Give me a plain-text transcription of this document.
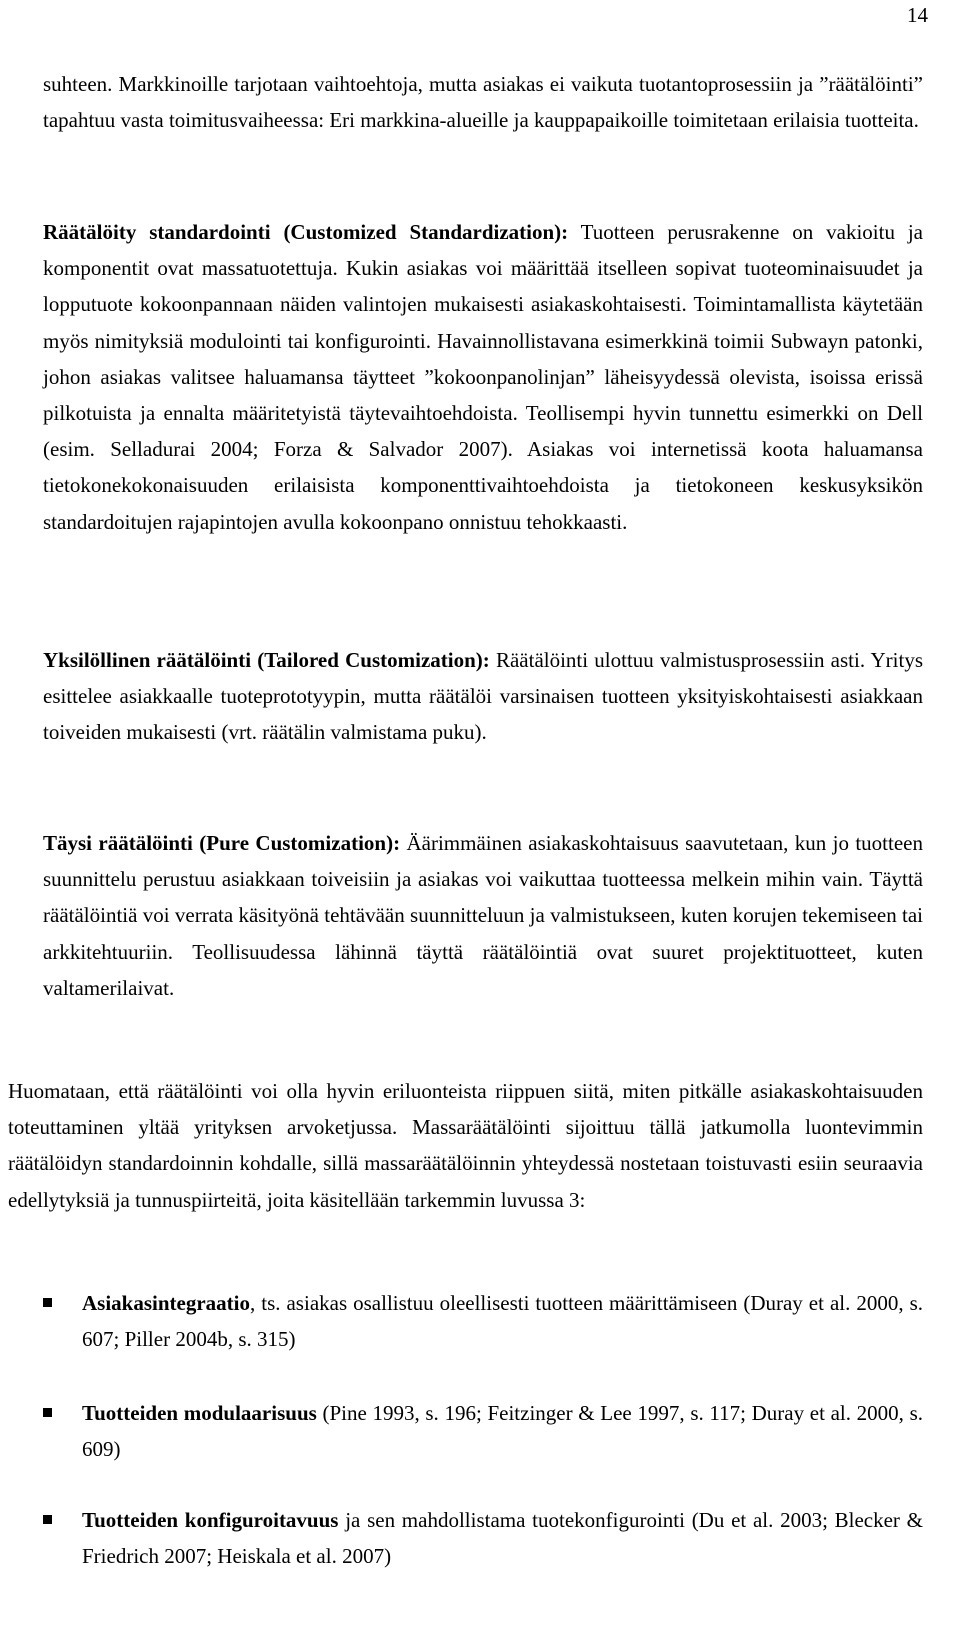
14

suhteen. Markkinoille tarjotaan vaihtoehtoja, mutta asiakas ei vaikuta tuotantoprosessiin ja ”räätälöinti” tapahtuu vasta toimitusvaiheessa: Eri markkina-alueille ja kauppapaikoille toimitetaan erilaisia tuotteita.

Räätälöity standardointi (Customized Standardization): Tuotteen perusrakenne on vakioitu ja komponentit ovat massatuotettuja. Kukin asiakas voi määrittää itselleen sopivat tuoteominaisuudet ja lopputuote kokoonpannaan näiden valintojen mukaisesti asiakaskohtaisesti. Toimintamallista käytetään myös nimityksiä modulointi tai konfigurointi. Havainnollistavana esimerkkinä toimii Subwayn patonki, johon asiakas valitsee haluamansa täytteet ”kokoonpanolinjan” läheisyydessä olevista, isoissa erissä pilkotuista ja ennalta määritetyistä täytevaihtoehdoista. Teollisempi hyvin tunnettu esimerkki on Dell (esim. Selladurai 2004; Forza & Salvador 2007). Asiakas voi internetissä koota haluamansa tietokonekokonaisuuden erilaisista komponenttivaihtoehdoista ja tietokoneen keskusyksikön standardoitujen rajapintojen avulla kokoonpano onnistuu tehokkaasti.

Yksilöllinen räätälöinti (Tailored Customization): Räätälöinti ulottuu valmistusprosessiin asti. Yritys esittelee asiakkaalle tuoteprototyypin, mutta räätälöi varsinaisen tuotteen yksityiskohtaisesti asiakkaan toiveiden mukaisesti (vrt. räätälin valmistama puku).

Täysi räätälöinti (Pure Customization): Äärimmäinen asiakaskohtaisuus saavutetaan, kun jo tuotteen suunnittelu perustuu asiakkaan toiveisiin ja asiakas voi vaikuttaa tuotteessa melkein mihin vain. Täyttä räätälöintiä voi verrata käsityönä tehtävään suunnitteluun ja valmistukseen, kuten korujen tekemiseen tai arkkitehtuuriin. Teollisuudessa lähinnä täyttä räätälöintiä ovat suuret projektituotteet, kuten valtamerilaivat.

Huomataan, että räätälöinti voi olla hyvin eriluonteista riippuen siitä, miten pitkälle asiakaskohtaisuuden toteuttaminen yltää yrityksen arvoketjussa. Massaräätälöinti sijoittuu tällä jatkumolla luontevimmin räätälöidyn standardoinnin kohdalle, sillä massaräätälöinnin yhteydessä nostetaan toistuvasti esiin seuraavia edellytyksiä ja tunnuspiirteitä, joita käsitellään tarkemmin luvussa 3:

Asiakasintegraatio, ts. asiakas osallistuu oleellisesti tuotteen määrittämiseen (Duray et al. 2000, s. 607; Piller 2004b, s. 315)
Tuotteiden modulaarisuus (Pine 1993, s. 196; Feitzinger & Lee 1997, s. 117; Duray et al. 2000, s. 609)
Tuotteiden konfiguroitavuus ja sen mahdollistama tuotekonfigurointi (Du et al. 2003; Blecker & Friedrich 2007; Heiskala et al. 2007)
